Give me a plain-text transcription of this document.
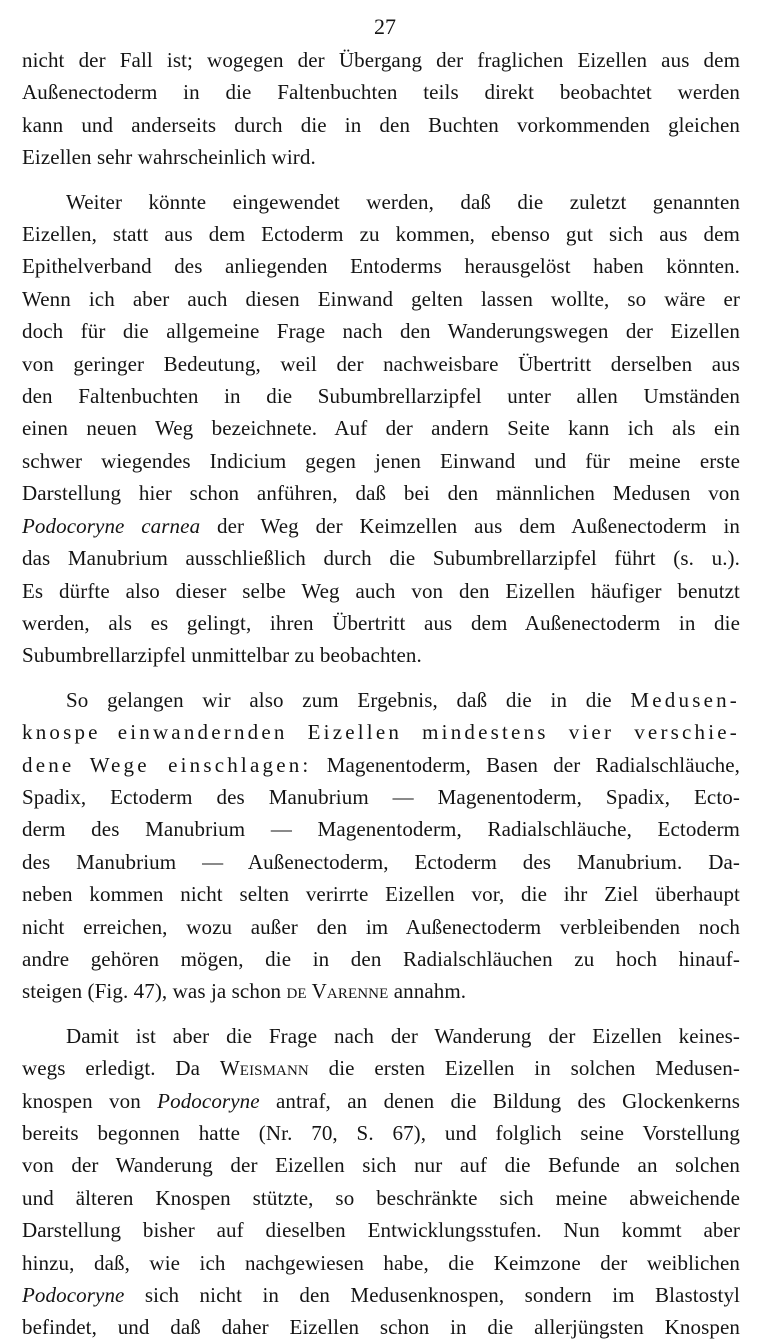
27

nicht der Fall ist; wogegen der Übergang der fraglichen Eizellen aus dem
Außenectoderm in die Faltenbuchten teils direkt beobachtet werden
kann und anderseits durch die in den Buchten vorkommenden gleichen
Eizellen sehr wahrscheinlich wird.

Weiter könnte eingewendet werden, daß die zuletzt genannten
Eizellen, statt aus dem Ectoderm zu kommen, ebenso gut sich aus dem
Epithelverband des anliegenden Entoderms herausgelöst haben könnten.
Wenn ich aber auch diesen Einwand gelten lassen wollte, so wäre er
doch für die allgemeine Frage nach den Wanderungswegen der Eizellen
von geringer Bedeutung, weil der nachweisbare Übertritt derselben aus
den Faltenbuchten in die Subumbrellarzipfel unter allen Umständen
einen neuen Weg bezeichnete. Auf der andern Seite kann ich als ein
schwer wiegendes Indicium gegen jenen Einwand und für meine erste
Darstellung hier schon anführen, daß bei den männlichen Medusen von
Podocoryne carnea der Weg der Keimzellen aus dem Außenectoderm in
das Manubrium ausschließlich durch die Subumbrellarzipfel führt (s. u.).
Es dürfte also dieser selbe Weg auch von den Eizellen häufiger benutzt
werden, als es gelingt, ihren Übertritt aus dem Außenectoderm in die
Subumbrellarzipfel unmittelbar zu beobachten.

So gelangen wir also zum Ergebnis, daß die in die Medusen-
knospe einwandernden Eizellen mindestens vier verschie-
dene Wege einschlagen: Magenentoderm, Basen der Radialschläuche,
Spadix, Ectoderm des Manubrium — Magenentoderm, Spadix, Ecto-
derm des Manubrium — Magenentoderm, Radialschläuche, Ectoderm
des Manubrium — Außenectoderm, Ectoderm des Manubrium. Da-
neben kommen nicht selten verirrte Eizellen vor, die ihr Ziel überhaupt
nicht erreichen, wozu außer den im Außenectoderm verbleibenden noch
andre gehören mögen, die in den Radialschläuchen zu hoch hinauf-
steigen (Fig. 47), was ja schon de Varenne annahm.

Damit ist aber die Frage nach der Wanderung der Eizellen keines-
wegs erledigt. Da Weismann die ersten Eizellen in solchen Medusen-
knospen von Podocoryne antraf, an denen die Bildung des Glockenkerns
bereits begonnen hatte (Nr. 70, S. 67), und folglich seine Vorstellung
von der Wanderung der Eizellen sich nur auf die Befunde an solchen
und älteren Knospen stützte, so beschränkte sich meine abweichende
Darstellung bisher auf dieselben Entwicklungsstufen. Nun kommt aber
hinzu, daß, wie ich nachgewiesen habe, die Keimzone der weiblichen
Podocoryne sich nicht in den Medusenknospen, sondern im Blastostyl
befindet, und daß daher Eizellen schon in die allerjüngsten Knospen
